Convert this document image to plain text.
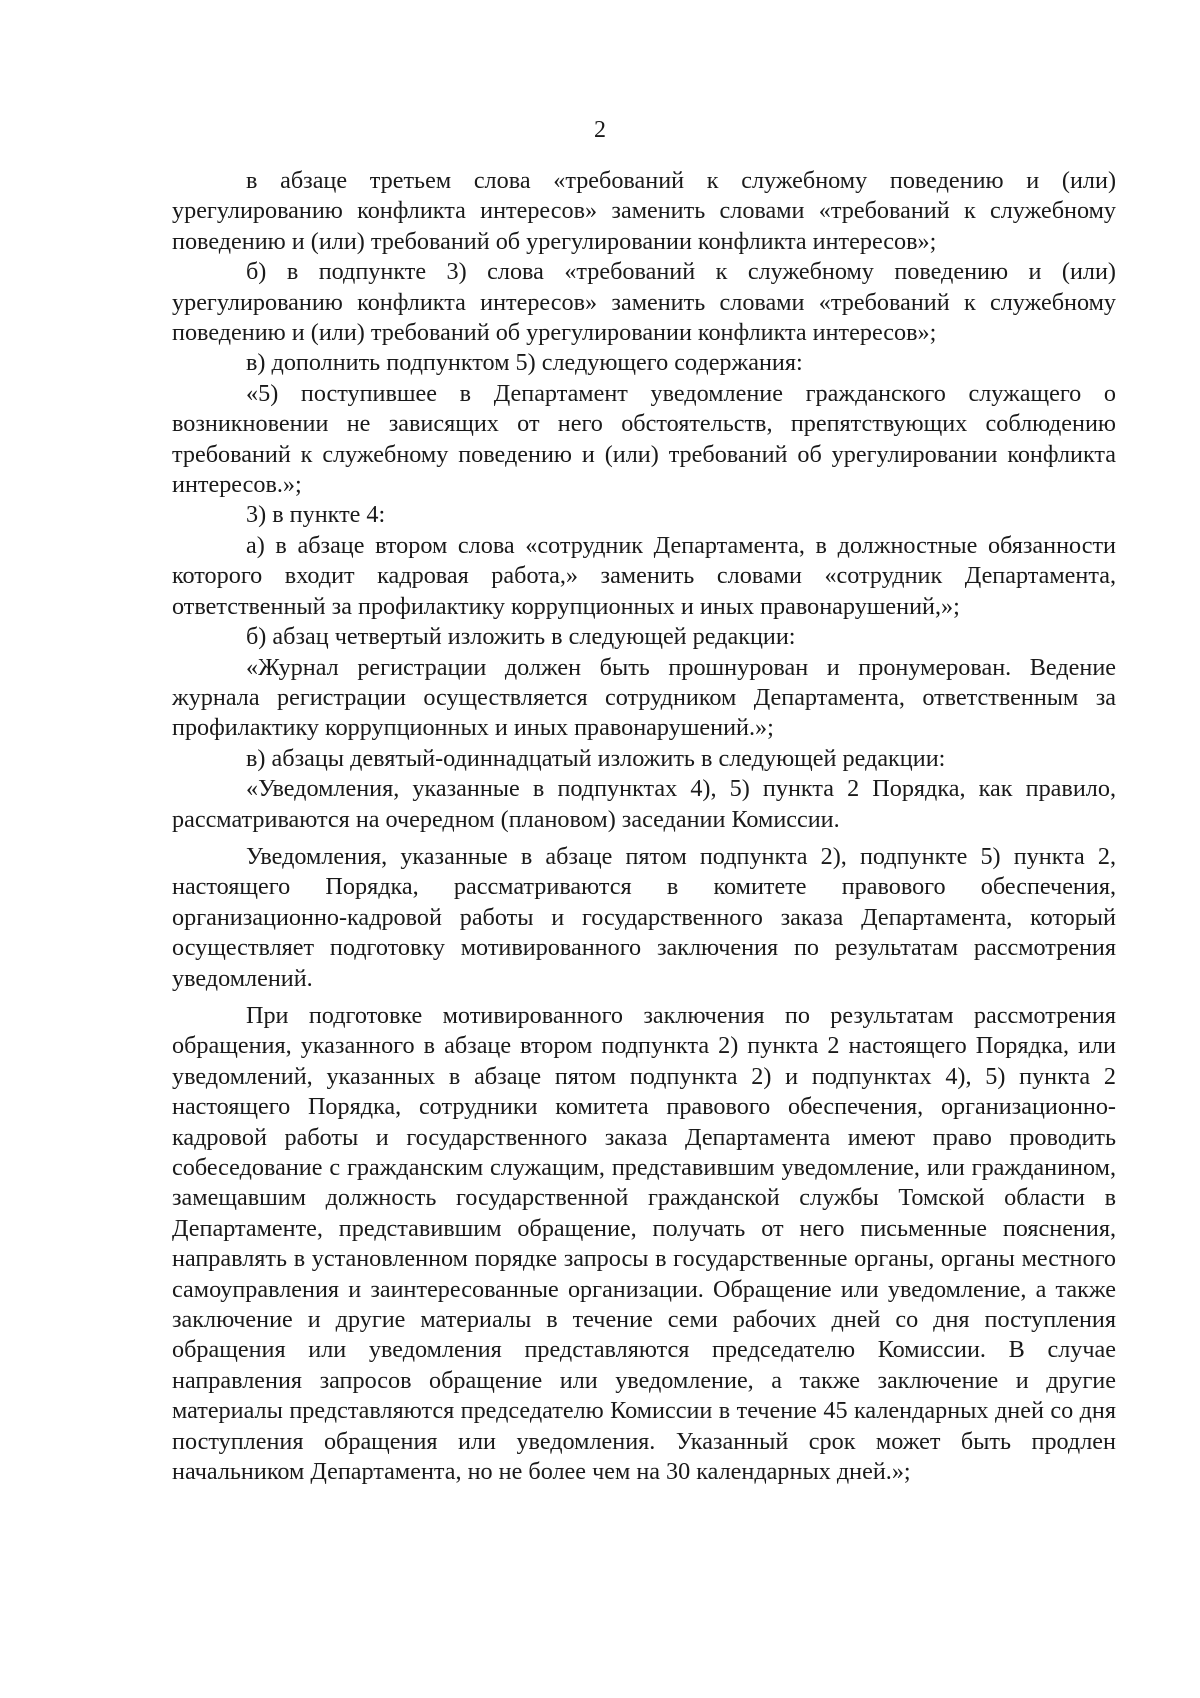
2

в абзаце третьем слова «требований к служебному поведению и (или) урегулированию конфликта интересов» заменить словами «требований к служебному поведению и (или) требований об урегулировании конфликта интересов»;

б) в подпункте 3) слова «требований к служебному поведению и (или) урегулированию конфликта интересов» заменить словами «требований к служебному поведению и (или) требований об урегулировании конфликта интересов»;

в) дополнить подпунктом 5) следующего содержания:

«5) поступившее в Департамент уведомление гражданского служащего о возникновении не зависящих от него обстоятельств, препятствующих соблюдению требований к служебному поведению и (или) требований об урегулировании конфликта интересов.»;

3) в пункте 4:

а) в абзаце втором слова «сотрудник Департамента, в должностные обязанности которого входит кадровая работа,» заменить словами «сотрудник Департамента, ответственный за профилактику коррупционных и иных правонарушений,»;

б) абзац четвертый изложить в следующей редакции:

«Журнал регистрации должен быть прошнурован и пронумерован. Ведение журнала регистрации осуществляется сотрудником Департамента, ответственным за профилактику коррупционных и иных правонарушений.»;

в) абзацы девятый-одиннадцатый изложить в следующей редакции:

«Уведомления, указанные в подпунктах 4), 5) пункта 2 Порядка, как правило, рассматриваются на очередном (плановом) заседании Комиссии.

Уведомления, указанные в абзаце пятом подпункта 2), подпункте 5) пункта 2, настоящего Порядка, рассматриваются в комитете правового обеспечения, организационно-кадровой работы и государственного заказа Департамента, который осуществляет подготовку мотивированного заключения по результатам рассмотрения уведомлений.

При подготовке мотивированного заключения по результатам рассмотрения обращения, указанного в абзаце втором подпункта 2) пункта 2 настоящего Порядка, или уведомлений, указанных в абзаце пятом подпункта 2) и подпунктах 4), 5) пункта 2 настоящего Порядка, сотрудники комитета правового обеспечения, организационно-кадровой работы и государственного заказа Департамента имеют право проводить собеседование с гражданским служащим, представившим уведомление, или гражданином, замещавшим должность государственной гражданской службы Томской области в Департаменте, представившим обращение, получать от него письменные пояснения, направлять в установленном порядке запросы в государственные органы, органы местного самоуправления и заинтересованные организации. Обращение или уведомление, а также заключение и другие материалы в течение семи рабочих дней со дня поступления обращения или уведомления представляются председателю Комиссии. В случае направления запросов обращение или уведомление, а также заключение и другие материалы представляются председателю Комиссии в течение 45 календарных дней со дня поступления обращения или уведомления. Указанный срок может быть продлен начальником Департамента, но не более чем на 30 календарных дней.»;
